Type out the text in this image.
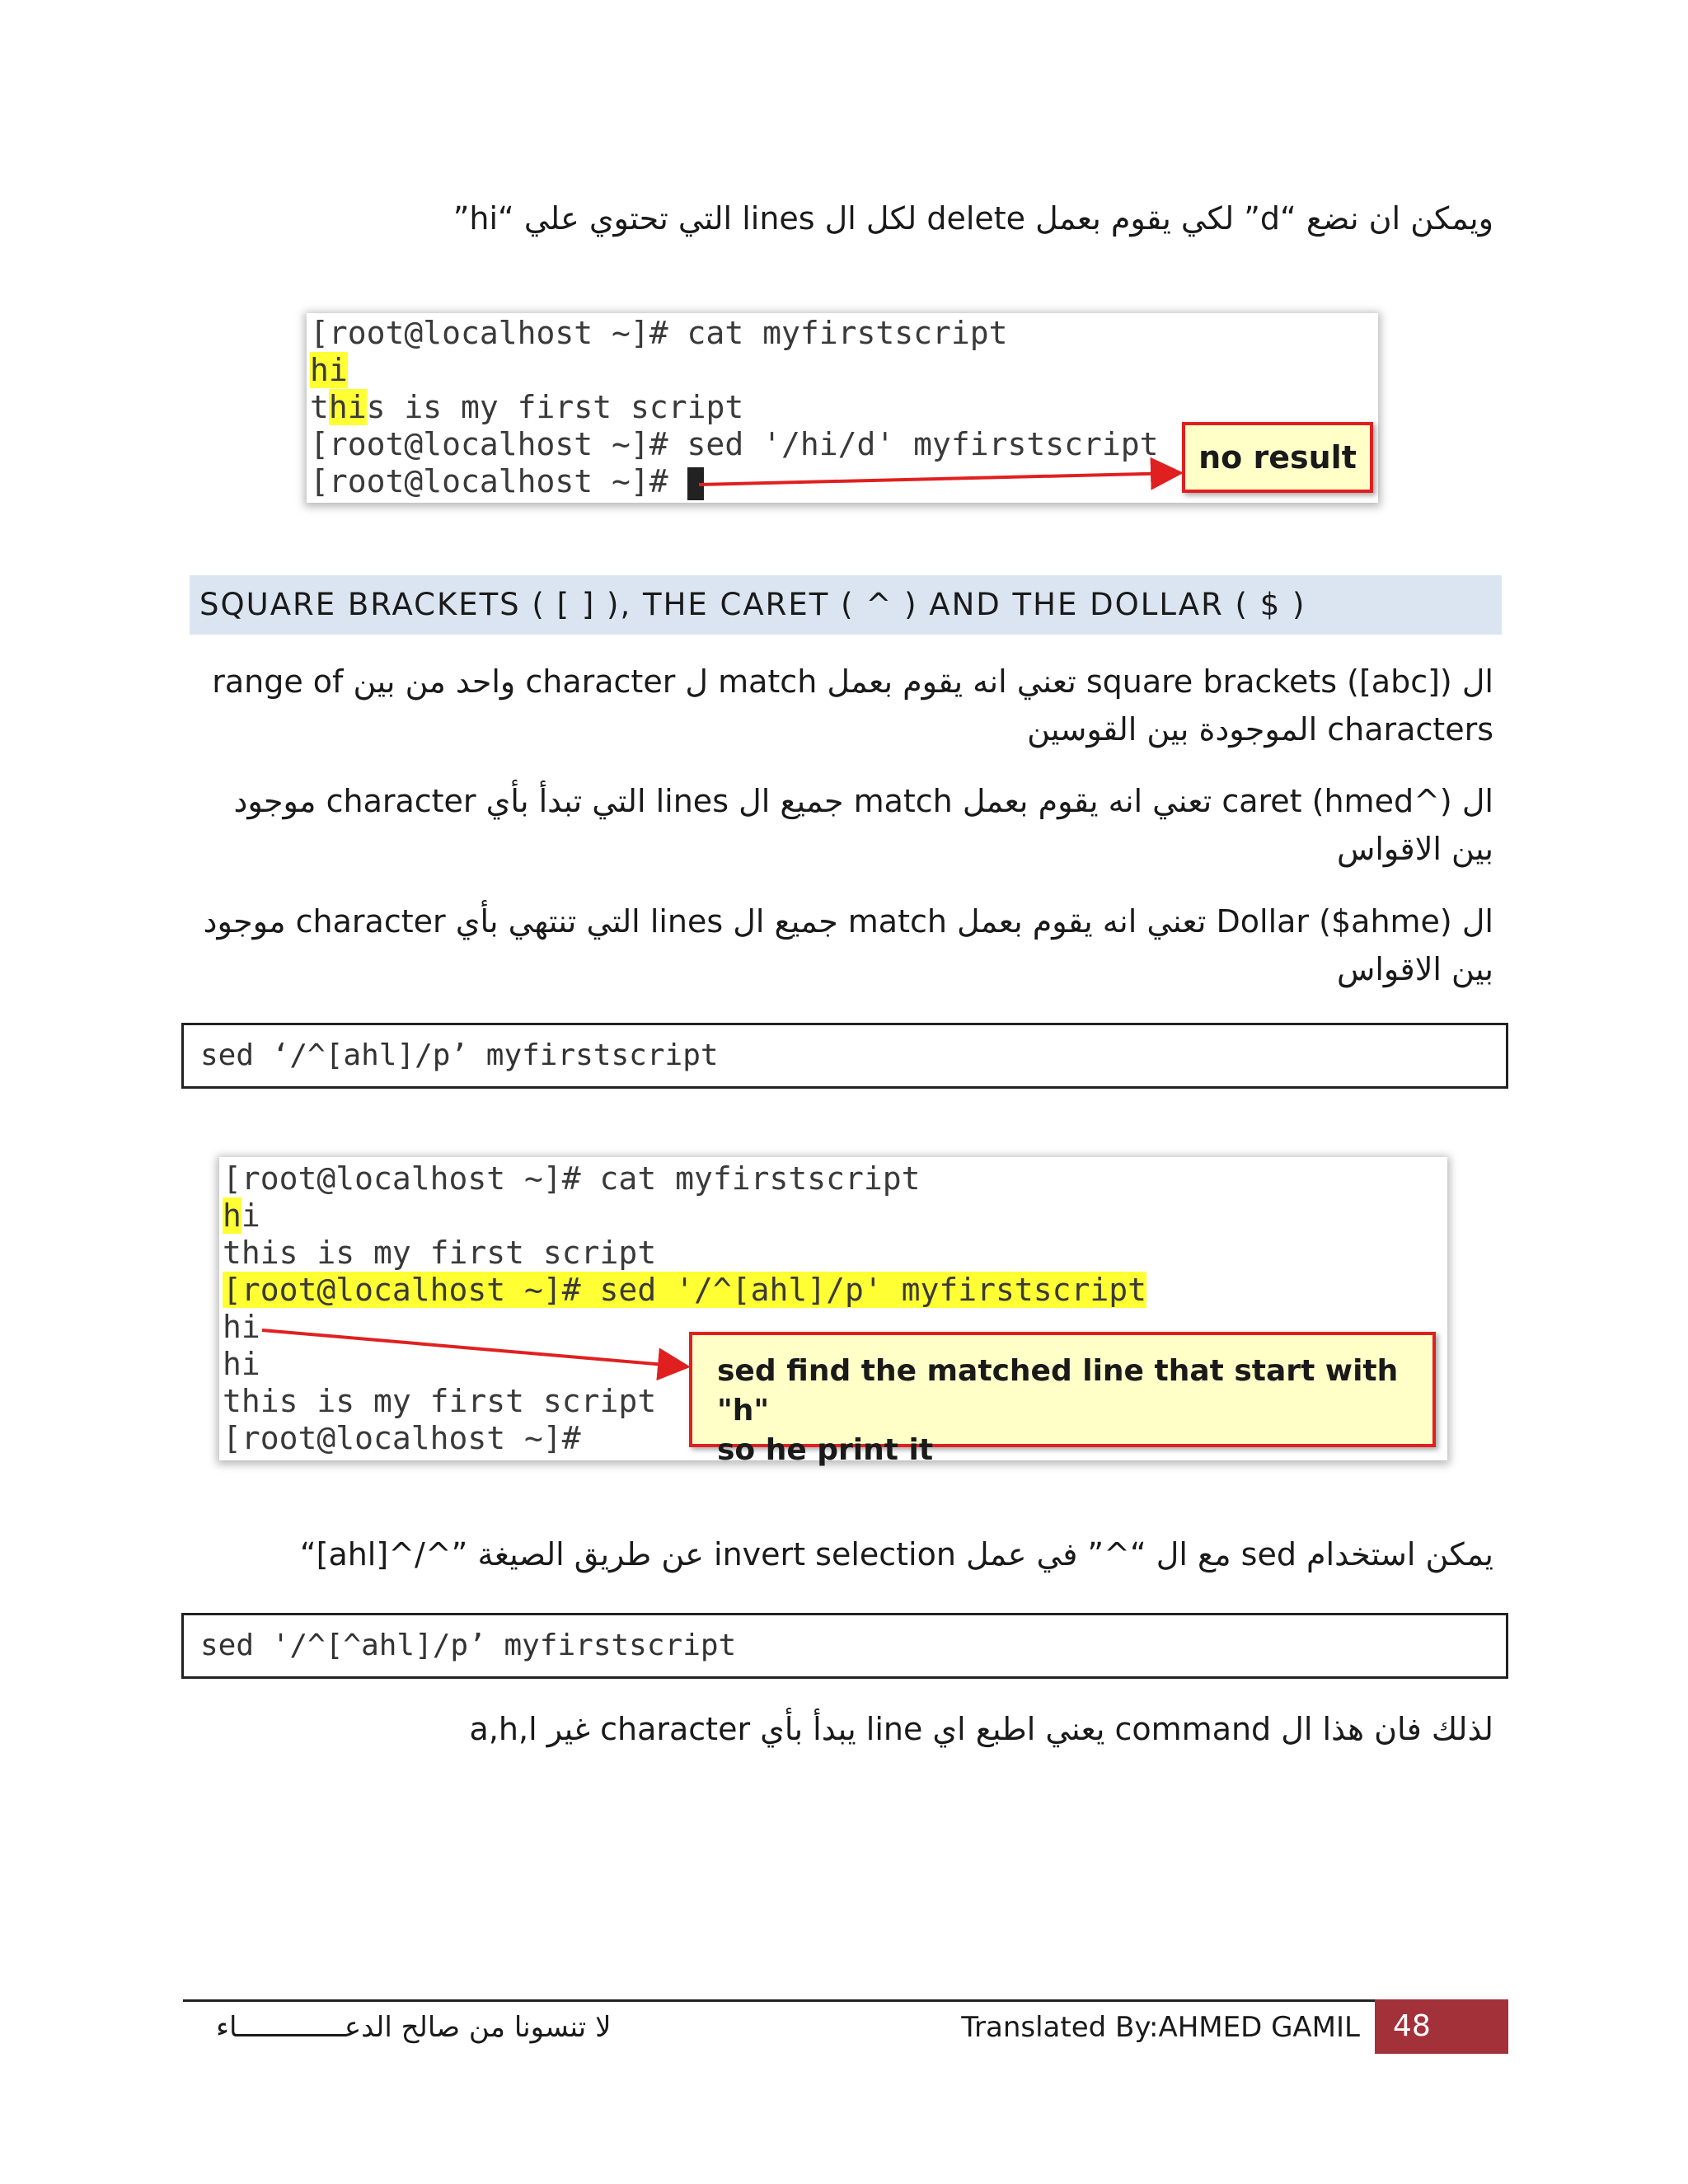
ويمكن ان نضع “d” لكي يقوم بعمل delete لكل ال lines التي تحتوي علي “hi”

[root@localhost ~]# cat myfirstscript
hi
this is my first script
[root@localhost ~]# sed '/hi/d' myfirstscript
[root@localhost ~]#
no result
SQUARE BRACKETS ( [ ] ), THE CARET ( ^ ) AND THE DOLLAR ( $ )

ال ([abc]) square brackets تعني انه يقوم بعمل match ل character واحد من بين range of characters الموجودة بين القوسين

ال (^hmed) caret تعني انه يقوم بعمل match جميع ال lines التي تبدأ بأي character موجود بين الاقواس

ال (ahme$) Dollar تعني انه يقوم بعمل match جميع ال lines التي تنتهي بأي character موجود بين الاقواس

sed ‘/^[ahl]/p’ myfirstscript
[root@localhost ~]# cat myfirstscript
hi
this is my first script
[root@localhost ~]# sed '/^[ahl]/p' myfirstscript
hi
hi
this is my first script
[root@localhost ~]#
sed find the matched line that start with "h"
so he print it

يمكن استخدام sed مع ال “^” في عمل invert selection عن طريق الصيغة ”^/^[ahl]“

sed '/^[^ahl]/p’ myfirstscript

لذلك فان هذا ال command يعني اطبع اي line يبدأ بأي character غير a,h,l

لا تنسونا من صالح الدعـــــــــــــاء	Translated By:AHMED GAMIL	48
